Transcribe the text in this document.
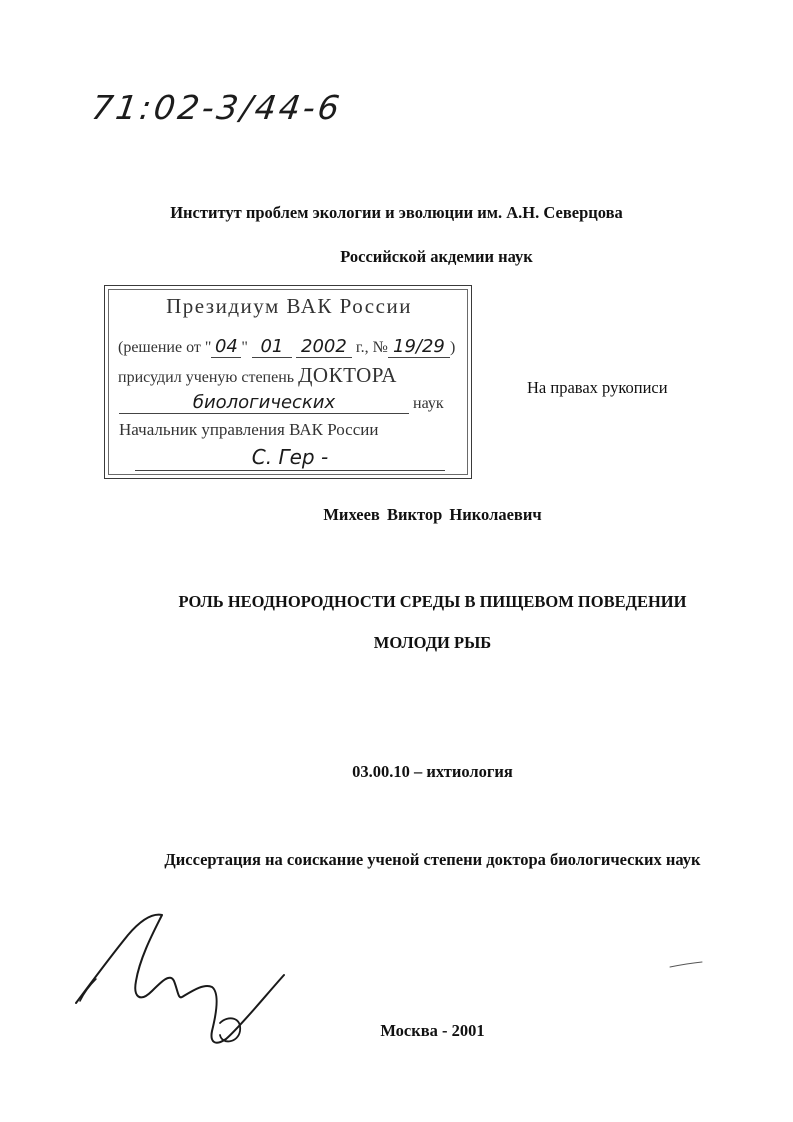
71:02-3/44-6
Институт проблем экологии и эволюции им. А.Н. Северцова
Российской акдемии наук
Президиум ВАК России
(решение от " 04 " 01 2002 г., № 19/29 )
присудил ученую степень ДОКТОРА
биологических	наук
Начальник управления ВАК России
С. Гер -
На правах рукописи
Михеев Виктор Николаевич
РОЛЬ НЕОДНОРОДНОСТИ СРЕДЫ В ПИЩЕВОМ ПОВЕДЕНИИ
МОЛОДИ РЫБ
03.00.10 – ихтиология
Диссертация на соискание ученой степени доктора биологических наук
Москва - 2001
